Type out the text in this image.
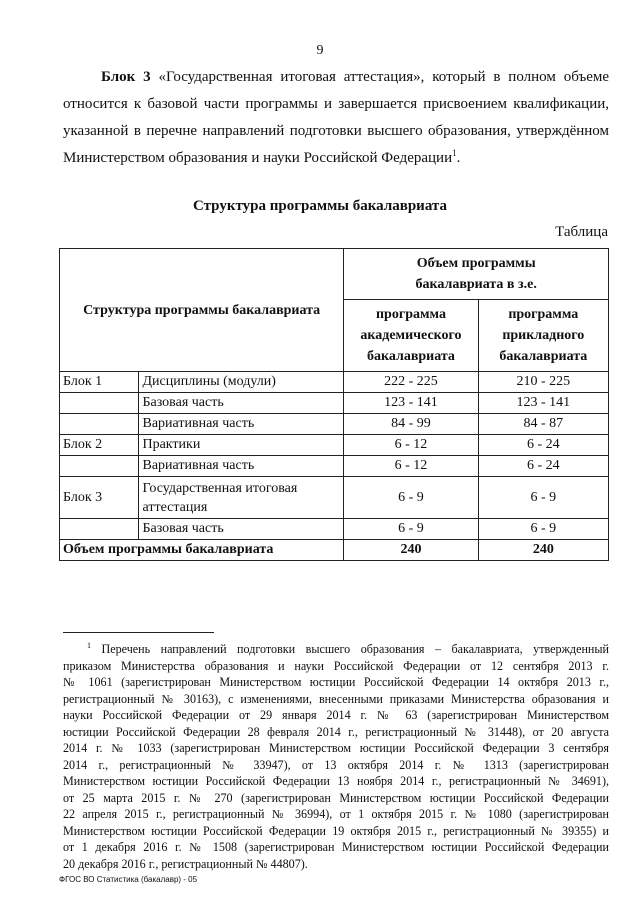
9
Блок 3 «Государственная итоговая аттестация», который в полном объеме
относится к базовой части программы и завершается присвоением квалификации,
указанной в перечне направлений подготовки высшего образования, утверждённом
Министерством образования и науки Российской Федерации$^1$.
Структура программы бакалавриата
Таблица
Структура программы бакалавриата		Объем программы
бакалавриата в з.е.	
		программа
академического
бакалавриата	программа
прикладного
бакалавриата
Блок 1	Дисциплины (модули)	222 - 225	210 - 225
	Базовая часть	123 - 141	123 - 141
	Вариативная часть	84 - 99	84 - 87
Блок 2	Практики	6 - 12	6 - 24
	Вариативная часть	6 - 12	6 - 24
Блок 3	Государственная итоговая
аттестация	6 - 9	6 - 9
	Базовая часть	6 - 9	6 - 9
Объем программы бакалавриата		240	240
$^1$ Перечень направлений подготовки высшего образования – бакалавриата, утвержденный
приказом Министерства образования и науки Российской Федерации от 12 сентября 2013 г.
№ 1061 (зарегистрирован Министерством юстиции Российской Федерации 14 октября 2013 г.,
регистрационный № 30163), с изменениями, внесенными приказами Министерства образования и
науки Российской Федерации от 29 января 2014 г. № 63 (зарегистрирован Министерством
юстиции Российской Федерации 28 февраля 2014 г., регистрационный № 31448), от 20 августа
2014 г. № 1033 (зарегистрирован Министерством юстиции Российской Федерации 3 сентября
2014 г., регистрационный № 33947), от 13 октября 2014 г. № 1313 (зарегистрирован
Министерством юстиции Российской Федерации 13 ноября 2014 г., регистрационный № 34691),
от 25 марта 2015 г. № 270 (зарегистрирован Министерством юстиции Российской Федерации
22 апреля 2015 г., регистрационный № 36994), от 1 октября 2015 г. № 1080 (зарегистрирован
Министерством юстиции Российской Федерации 19 октября 2015 г., регистрационный № 39355) и
от 1 декабря 2016 г. № 1508 (зарегистрирован Министерством юстиции Российской Федерации
20 декабря 2016 г., регистрационный № 44807).
ФГОС ВО Статистика (бакалавр) - 05
